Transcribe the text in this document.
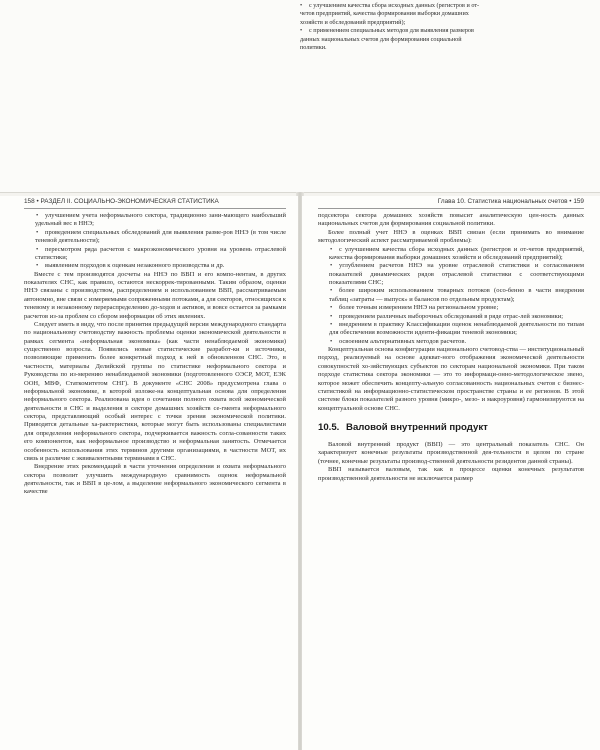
• с улучшением качества сбора исходных данных (регистров и от-
четов предприятий, качества формирования выборки домашних
хозяйств и обследований предприятий);
• с применением специальных методов для выявления размеров
данных национальных счетов для формирования социальной
политики.
158 • РАЗДЕЛ II. СОЦИАЛЬНО-ЭКОНОМИЧЕСКАЯ СТАТИСТИКА

• улучшением учета неформального сектора, традиционно зани-мающего наибольший удельный вес в ННЭ;

• проведением специальных обследований для выявления разме-ров ННЭ (в том числе теневой деятельности);

• пересмотром ряда расчетов с макроэкономического уровня на уровень отраслевой статистики;

• выявлением подходов к оценкам незаконного производства и др.

Вместе с тем производятся досчеты на ННЭ по ВВП и его компо-нентам, в других показателях СНС, как правило, остаются нескоррек-тированными. Таким образом, оценки ННЭ связаны с производством, распределением и использованием ВВП, рассматриваемым автономно, вне связи с измеряемыми сопряженными потоками, а для секторов, относящихся к теневому и незаконному перераспределению до-ходов и активов, и вовсе остается за рамками расчетов из-за проблем со сбором информации об этих явлениях.

Следует иметь в виду, что после принятия предыдущей версии международного стандарта по национальному счетоводству важность проблемы оценки экономической деятельности в рамках сегмента «неформальная экономика» (как части ненаблюдаемой экономики) существенно возросла. Появились новые статистические разработ-ки и источники, позволяющие применить более конкретный подход к ней в обновленном СНС. Это, в частности, материалы Делийской группы по статистике неформального сектора и Руководства по из-мерению ненаблюдаемой экономики (подготовленного ОЭСР, МОТ, ЕЭК ООН, МВФ, Статкомитетом СНГ). В документе «СНС 2008» предусмотрена глава о неформальной экономике, в которой изложе-на концептуальная основа для определения неформального сектора. Реализована идея о сочетании полного охвата всей экономической деятельности в СНС и выделения в секторе домашних хозяйств се-гмента неформального сектора, представляющий особый интерес с точки зрения экономической политики. Приводятся детальные ха-рактеристики, которые могут быть использованы специалистами для определения неформального сектора, подчеркивается важность согла-сованности таких его компонентов, как неформальное производство и неформальная занятость. Отмечается особенность использования этих терминов другими организациями, в частности МОТ, их связь и различие с эквивалентными терминами в СНС.

Внедрение этих рекомендаций в части уточнения определения и охвата неформального сектора позволит улучшить международную сравнимость оценок неформальной деятельности, так и ВВП в це-лом, а выделение неформального экономического сегмента в качестве

Глава 10. Статистика национальных счетов • 159

подсектора сектора домашних хозяйств повысит аналитическую цен-ность данных национальных счетов для формирования социальной политики.

Более полный учет ННЭ в оценках ВВП связан (если принимать во внимание методологический аспект рассматриваемой проблемы):

• с улучшением качества сбора исходных данных (регистров и от-четов предприятий, качества формирования выборки домашних хозяйств и обследований предприятий);

• углублением расчетов ННЭ на уровне отраслевой статистики и согласованием показателей динамических рядов отраслевой статистики с соответствующими показателями СНС;

• более широким использованием товарных потоков (осо-бенно в части внедрения таблиц «затраты — выпуск» и балансов по отдельным продуктам);

• более точным измерением ННЭ на региональном уровне;

• проведением различных выборочных обследований в ряде отрас-лей экономики;

• внедрением в практику Классификации оценок ненаблюдаемой деятельности по типам для обеспечения возможности иденти-фикации теневой экономики;

• освоением альтернативных методов расчетов.

Концептуальная основа конфигурации национального счетовод-ства — институциональный подход, реализуемый на основе адекват-ного отображения экономической деятельности совокупностей хо-зяйствующих субъектов по секторам национальной экономики. При таком подходе статистика сектора экономики — это то информаци-онно-методологическое звено, которое может обеспечить концепту-альную согласованность национальных счетов с бизнес-статистикой на информационно-статистическом пространстве страны и ее регионов. В этой системе блоки показателей разного уровня (микро-, мезо- и макроуровня) гармонизируются на концептуальной основе СНС.

10.5. Валовой внутренний продукт

Валовой внутренний продукт (ВВП) — это центральный показатель СНС. Он характеризует конечные результаты производственной дея-тельности в целом по стране (точнее, конечные результаты производ-ственной деятельности резидентов данной страны).

ВВП называется валовым, так как в процессе оценки конечных результатов производственной деятельности не исключается размер
